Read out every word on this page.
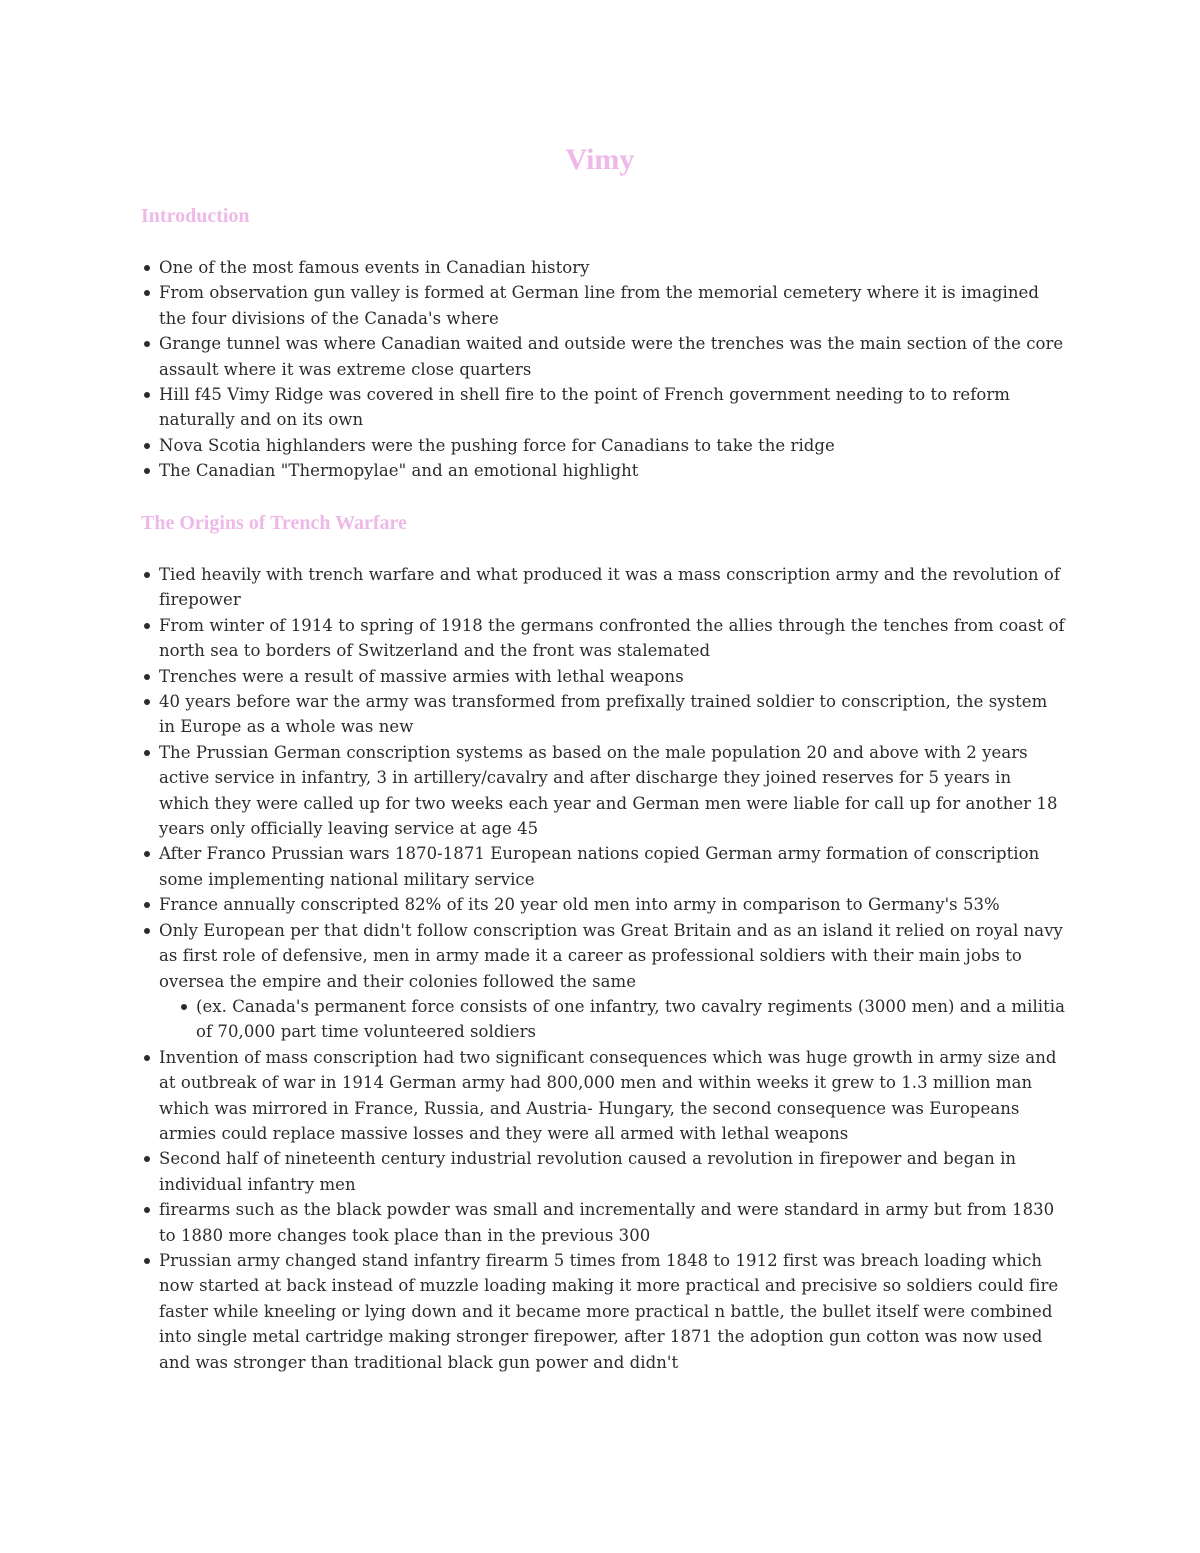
Vimy
Introduction
One of the most famous events in Canadian history
From observation gun valley is formed at German line from the memorial cemetery where it is imagined the four divisions of the Canada's where
Grange tunnel was where Canadian waited and outside were the trenches was the main section of the core assault where it was extreme close quarters
Hill f45 Vimy Ridge was covered in shell fire to the point of French government needing to to reform naturally and on its own
Nova Scotia highlanders were the pushing force for Canadians to take the ridge
The Canadian "Thermopylae" and an emotional highlight
The Origins of Trench Warfare
Tied heavily with trench warfare and what produced it was a mass conscription army and the revolution of firepower
From winter of 1914 to spring of 1918 the germans confronted the allies through the tenches from coast of north sea to borders of Switzerland and the front was stalemated
Trenches were a result of massive armies with lethal weapons
40 years before war the army was transformed from prefixally trained soldier to conscription, the system in Europe as a whole was new
The Prussian German conscription systems as based on the male population 20 and above with 2 years active service in infantry, 3 in artillery/cavalry and after discharge they joined reserves for 5 years in which they were called up for two weeks each year and German men were liable for call up for another 18 years only officially leaving service at age 45
After Franco Prussian wars 1870-1871 European nations copied German army formation of conscription some implementing national military service
France annually conscripted 82% of its 20 year old men into army in comparison to Germany's 53%
Only European per that didn't follow conscription was Great Britain and as an island it relied on royal navy as first role of defensive, men in army made it a career as professional soldiers with their main jobs to oversea the empire and their colonies followed the same
(ex. Canada's permanent force consists of one infantry, two cavalry regiments (3000 men) and a militia of 70,000 part time volunteered soldiers
Invention of mass conscription had two significant consequences which was huge growth in army size and at outbreak of war in 1914 German army had 800,000 men and within weeks it grew to 1.3 million man which was mirrored in France, Russia, and Austria- Hungary, the second consequence was Europeans armies could replace massive losses and they were all armed with lethal weapons
Second half of nineteenth century industrial revolution caused a revolution in firepower and began in individual infantry men
firearms such as the black powder was small and incrementally and were standard in army but from 1830 to 1880 more changes took place than in the previous 300
Prussian army changed stand infantry firearm 5 times from 1848 to 1912 first was breach loading which now started at back instead of muzzle loading making it more practical and precisive so soldiers could fire faster while kneeling or lying down and it became more practical n battle, the bullet itself were combined into single metal cartridge making stronger firepower, after 1871 the adoption gun cotton was now used and was stronger than traditional black gun power and didn't
